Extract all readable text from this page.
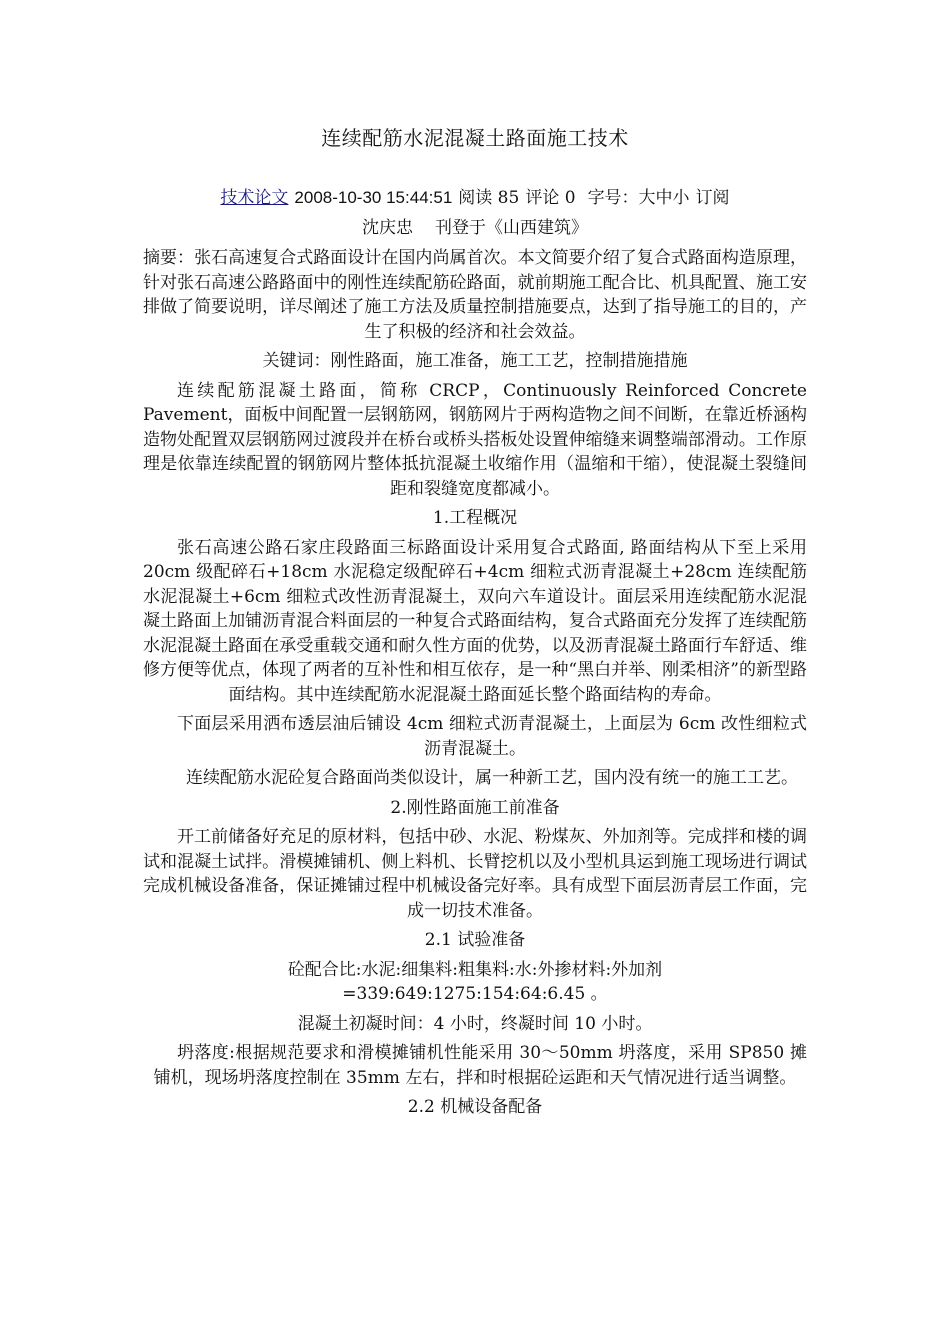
连续配筋水泥混凝土路面施工技术
技术论文 2008-10-30 15:44:51 阅读 85 评论 0 字号：大中小 订阅
沈庆忠 刊登于《山西建筑》

摘要：张石高速复合式路面设计在国内尚属首次。本文简要介绍了复合式路面构造原理，针对张石高速公路路面中的刚性连续配筋砼路面，就前期施工配合比、机具配置、施工安排做了简要说明，详尽阐述了施工方法及质量控制措施要点，达到了指导施工的目的，产生了积极的经济和社会效益。

关键词：刚性路面，施工准备，施工工艺，控制措施措施

连续配筋混凝土路面，简称 CRCP，Continuously Reinforced Concrete Pavement，面板中间配置一层钢筋网，钢筋网片于两构造物之间不间断，在靠近桥涵构造物处配置双层钢筋网过渡段并在桥台或桥头搭板处设置伸缩缝来调整端部滑动。工作原理是依靠连续配置的钢筋网片整体抵抗混凝土收缩作用（温缩和干缩），使混凝土裂缝间距和裂缝宽度都减小。

1.工程概况

张石高速公路石家庄段路面三标路面设计采用复合式路面, 路面结构从下至上采用 20cm 级配碎石+18cm 水泥稳定级配碎石+4cm 细粒式沥青混凝土+28cm 连续配筋水泥混凝土+6cm 细粒式改性沥青混凝土，双向六车道设计。面层采用连续配筋水泥混凝土路面上加铺沥青混合料面层的一种复合式路面结构，复合式路面充分发挥了连续配筋水泥混凝土路面在承受重载交通和耐久性方面的优势，以及沥青混凝土路面行车舒适、维修方便等优点，体现了两者的互补性和相互依存，是一种“黑白并举、刚柔相济”的新型路面结构。其中连续配筋水泥混凝土路面延长整个路面结构的寿命。

下面层采用洒布透层油后铺设 4cm 细粒式沥青混凝土，上面层为 6cm 改性细粒式沥青混凝土。

连续配筋水泥砼复合路面尚类似设计，属一种新工艺，国内没有统一的施工工艺。

2.刚性路面施工前准备

开工前储备好充足的原材料，包括中砂、水泥、粉煤灰、外加剂等。完成拌和楼的调试和混凝土试拌。滑模摊铺机、侧上料机、长臂挖机以及小型机具运到施工现场进行调试完成机械设备准备，保证摊铺过程中机械设备完好率。具有成型下面层沥青层工作面，完成一切技术准备。

2.1 试验准备

砼配合比:水泥:细集料:粗集料:水:外掺材料:外加剂

=339:649:1275:154:64:6.45 。

混凝土初凝时间：4 小时，终凝时间 10 小时。

坍落度:根据规范要求和滑模摊铺机性能采用 30～50mm 坍落度，采用 SP850 摊铺机，现场坍落度控制在 35mm 左右，拌和时根据砼运距和天气情况进行适当调整。

2.2 机械设备配备
